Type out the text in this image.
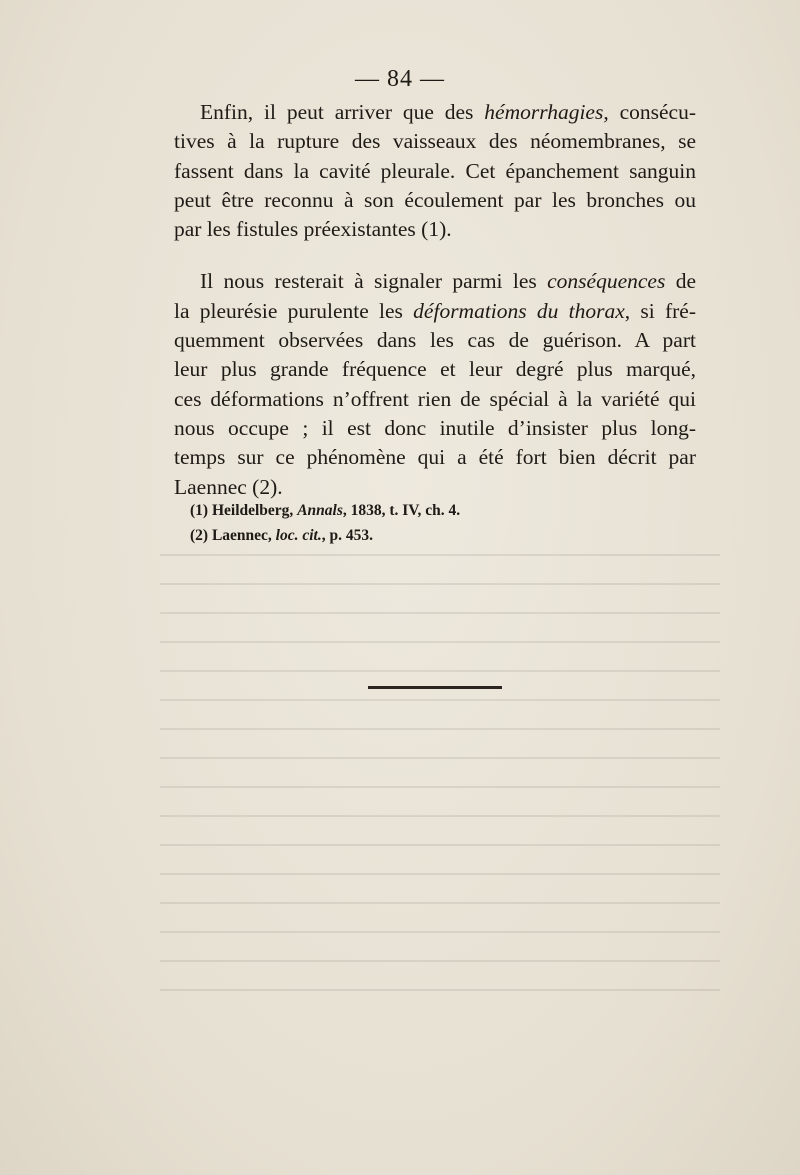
— 84 —
Enfin, il peut arriver que des hémorrhagies, consécu-
tives à la rupture des vaisseaux des néomembranes, se
fassent dans la cavité pleurale. Cet épanchement sanguin
peut être reconnu à son écoulement par les bronches ou
par les fistules préexistantes (1).
Il nous resterait à signaler parmi les conséquences de
la pleurésie purulente les déformations du thorax, si fré-
quemment observées dans les cas de guérison. A part
leur plus grande fréquence et leur degré plus marqué,
ces déformations n’offrent rien de spécial à la variété qui
nous occupe ; il est donc inutile d’insister plus long-
temps sur ce phénomène qui a été fort bien décrit par
Laennec (2).
(1) Heildelberg, Annals, 1838, t. IV, ch. 4.
(2) Laennec, loc. cit., p. 453.
